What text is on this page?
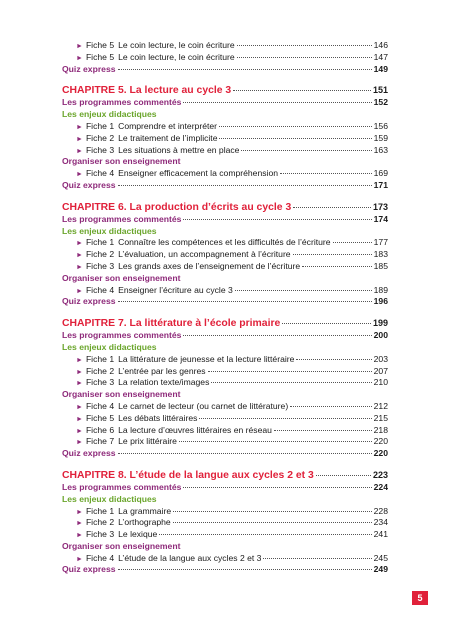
► Fiche 5 Le coin lecture, le coin écriture	146
► Fiche 5 Le coin lecture, le coin écriture	147
Quiz express	149
CHAPITRE 5. La lecture au cycle 3	151
Les programmes commentés	152
Les enjeux didactiques
► Fiche 1 Comprendre et interpréter	156
► Fiche 2 Le traitement de l’implicite	159
► Fiche 3 Les situations à mettre en place	163
Organiser son enseignement
► Fiche 4 Enseigner efficacement la compréhension	169
Quiz express	171
CHAPITRE 6. La production d’écrits au cycle 3	173
Les programmes commentés	174
Les enjeux didactiques
► Fiche 1 Connaître les compétences et les difficultés de l’écriture	177
► Fiche 2 L’évaluation, un accompagnement à l’écriture	183
► Fiche 3 Les grands axes de l’enseignement de l’écriture	185
Organiser son enseignement
► Fiche 4 Enseigner l’écriture au cycle 3	189
Quiz express	196
CHAPITRE 7. La littérature à l’école primaire	199
Les programmes commentés	200
Les enjeux didactiques
► Fiche 1 La littérature de jeunesse et la lecture littéraire	203
► Fiche 2 L’entrée par les genres	207
► Fiche 3 La relation texte/images	210
Organiser son enseignement
► Fiche 4 Le carnet de lecteur (ou carnet de littérature)	212
► Fiche 5 Les débats littéraires	215
► Fiche 6 La lecture d’œuvres littéraires en réseau	218
► Fiche 7 Le prix littéraire	220
Quiz express	220
CHAPITRE 8. L’étude de la langue aux cycles 2 et 3	223
Les programmes commentés	224
Les enjeux didactiques
► Fiche 1 La grammaire	228
► Fiche 2 L’orthographe	234
► Fiche 3 Le lexique	241
Organiser son enseignement
► Fiche 4 L’étude de la langue aux cycles 2 et 3	245
Quiz express	249
5
